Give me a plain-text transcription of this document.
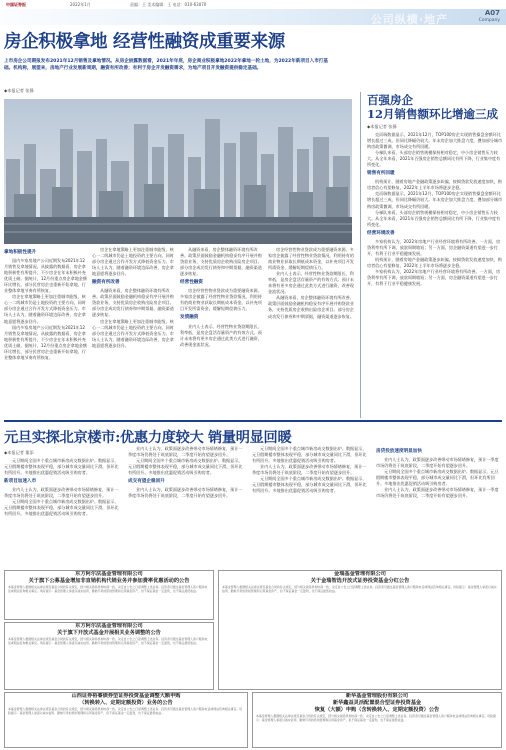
中国证券报	2022年1月	责编：王 美术编辑：王 电话：010-63070
公司纵横·地产	A07
Company
房企积极拿地 经营性融资成重要来源
上市房企公司期报发布2021年12月销售及拿地情况。从房企披露数据看，2021年年底，房企商业积极拿地2022年拿地一轮土地，为2022年新项目入市打基础。机构称，展望来，房地产行业发展新周期，融资有所改善；有利于房企开发融资需求，为地产项目开发融资提供稳定基础。
◆本报记者 张静
百强房企
12月销售额环比增逾三成
◆本报记者 张静
克而瑞数据显示，2021年12月，TOP100房企实现销售操盘金额环比增长超过三成，但同比降幅仍较大。年末房企加大推盘力度，叠加部分城市购房政策微调，市场成交有所回暖。
分梯队来看，头部房企销售规模保持相对稳定，中小房企销售压力较大。从全年来看，2021年百强房企销售总额同比有所下降，行业集中度有所变化。
销售有所回暖
机构预计，随着房地产金融政策逐步纠偏，按揭贷款发放速度加快，购房者信心有望修复，2022年上半年市场将逐步企稳。
克而瑞数据显示，2021年12月，TOP100房企实现销售操盘金额环比增长超过三成，但同比降幅仍较大。年末房企加大推盘力度，叠加部分城市购房政策微调，市场成交有所回暖。
分梯队来看，头部房企销售规模保持相对稳定，中小房企销售压力较大。从全年来看，2021年百强房企销售总额同比有所下降，行业集中度有所变化。
经营环境改善
多家机构认为，2022年房地产行业经营环境将有所改善。一方面，房贷利率有所下调，放款周期缩短；另一方面，房企融资渠道有望进一步打开，有利于行业平稳健康发展。
机构预计，随着房地产金融政策逐步纠偏，按揭贷款发放速度加快，购房者信心有望修复，2022年上半年市场将逐步企稳。
多家机构认为，2022年房地产行业经营环境将有所改善。一方面，房贷利率有所下调，放款周期缩短；另一方面，房企融资渠道有望进一步打开，有利于行业平稳健康发展。
拿地积极性提升
国内多家房地产公司近期发布2021年12月销售及拿地情况。从披露的数据看，房企拿地积极性有所提升，不少房企在年末积极补充优质土储。据统计，12月份重点房企拿地金额环比增长，部分民营房企也重新开始拿地，行业整体拿地节奏有所恢复。
房企在拿地策略上更加注重城市能级，核心一二线城市仍是土地投资的主要方向，同时部分房企通过合作开发方式降低资金压力。市场人士认为，随着融资环境边际改善，房企拿地意愿将逐步回升。
国内多家房地产公司近期发布2021年12月销售及拿地情况。从披露的数据看，房企拿地积极性有所提升，不少房企在年末积极补充优质土储。据统计，12月份重点房企拿地金额环比增长，部分民营房企也重新开始拿地，行业整体拿地节奏有所恢复。
房企在拿地策略上更加注重城市能级，核心一二线城市仍是土地投资的主要方向，同时部分房企通过合作开发方式降低资金压力。市场人士认为，随着融资环境边际改善，房企拿地意愿将逐步回升。
融资有所改善
从融资来看，房企整体融资环境有所改善。政策层面鼓励金融机构稳妥有序开展并购贷款业务，支持优质房企收购出险房企项目。部分房企成功发行债券和中期票据，融资渠道逐步恢复。
房企在拿地策略上更加注重城市能级，核心一二线城市仍是土地投资的主要方向，同时部分房企通过合作开发方式降低资金压力。市场人士认为，随着融资环境边际改善，房企拿地意愿将逐步回升。
从融资来看，房企整体融资环境有所改善。政策层面鼓励金融机构稳妥有序开展并购贷款业务，支持优质房企收购出险房企项目。部分房企成功发行债券和中期票据，融资渠道逐步恢复。
经营性融资
房企经营性物业贷款成为重要融资来源。多家房企披露了经营性物业贷款情况，利用持有的商业物业获取长期低成本资金，以补充项目开发所需资金，缓解短期偿债压力。
发债融资
业内人士表示，经营性物业贷款期限长、利率低，是房企盘活存量资产的有效方式。预计未来将有更多房企通过此类方式进行融资，改善现金流状况。
房企经营性物业贷款成为重要融资来源。多家房企披露了经营性物业贷款情况，利用持有的商业物业获取长期低成本资金，以补充项目开发所需资金，缓解短期偿债压力。
业内人士表示，经营性物业贷款期限长、利率低，是房企盘活存量资产的有效方式。预计未来将有更多房企通过此类方式进行融资，改善现金流状况。
从融资来看，房企整体融资环境有所改善。政策层面鼓励金融机构稳妥有序开展并购贷款业务，支持优质房企收购出险房企项目。部分房企成功发行债券和中期票据，融资渠道逐步恢复。
元旦实探北京楼市:优惠力度较大 销量明显回暖
◆本报记者 董添
元旦期间全国多个重点城市新房成交数据出炉。数据显示，元旦假期楼市整体表现平稳，部分城市成交量同比下滑，但环比有所回升。多地推出优惠促销活动吸引购房者。
新项目加速入市
业内人士认为，政策面逐步改善带动市场情绪修复，预计一季度市场仍将处于筑底阶段，二季度开始有望逐步回升。
元旦期间全国多个重点城市新房成交数据出炉。数据显示，元旦假期楼市整体表现平稳，部分城市成交量同比下滑，但环比有所回升。多地推出优惠促销活动吸引购房者。
业内人士认为，政策面逐步改善带动市场情绪修复，预计一季度市场仍将处于筑底阶段，二季度开始有望逐步回升。
元旦期间全国多个重点城市新房成交数据出炉。数据显示，元旦假期楼市整体表现平稳，部分城市成交量同比下滑，但环比有所回升。多地推出优惠促销活动吸引购房者。
成交有望企稳回升
业内人士认为，政策面逐步改善带动市场情绪修复，预计一季度市场仍将处于筑底阶段，二季度开始有望逐步回升。
元旦期间全国多个重点城市新房成交数据出炉。数据显示，元旦假期楼市整体表现平稳，部分城市成交量同比下滑，但环比有所回升。多地推出优惠促销活动吸引购房者。
业内人士认为，政策面逐步改善带动市场情绪修复，预计一季度市场仍将处于筑底阶段，二季度开始有望逐步回升。
元旦期间全国多个重点城市新房成交数据出炉。数据显示，元旦假期楼市整体表现平稳，部分城市成交量同比下滑，但环比有所回升。多地推出优惠促销活动吸引购房者。
房贷投放速度明显加快
业内人士认为，政策面逐步改善带动市场情绪修复，预计一季度市场仍将处于筑底阶段，二季度开始有望逐步回升。
元旦期间全国多个重点城市新房成交数据出炉。数据显示，元旦假期楼市整体表现平稳，部分城市成交量同比下滑，但环比有所回升。多地推出优惠促销活动吸引购房者。
业内人士认为，政策面逐步改善带动市场情绪修复，预计一季度市场仍将处于筑底阶段，二季度开始有望逐步回升。
东方阿尔法基金管理有限公司
关于旗下公募基金增加非直销机构代销业务并参加费率优惠活动的公告
本基金管理人根据相关法律法规及基金合同的有关规定，经与相关销售机构协商一致，决定自公告之日起调整上述业务。投资者可通过基金管理人客户服务电话或网站咨询相关事宜。风险提示：基金管理人承诺以诚实信用、勤勉尽责的原则管理和运用基金资产，但不保证基金一定盈利，也不保证最低收益。
东方阿尔法基金管理有限公司
关于旗下开放式基金开展相关业务调整的公告
本基金管理人根据相关法律法规及基金合同的有关规定，经与相关销售机构协商一致，决定自公告之日起调整上述业务。投资者可通过基金管理人客户服务电话或网站咨询相关事宜。风险提示：基金管理人承诺以诚实信用、勤勉尽责的原则管理和运用基金资产，但不保证基金一定盈利，也不保证最低收益。
金瑞基金管理有限公司
关于金瑞智选开放式证券投资基金分红公告
本基金管理人根据相关法律法规及基金合同的有关规定，经与相关销售机构协商一致，决定自公告之日起调整上述业务。投资者可通过基金管理人客户服务电话或网站咨询相关事宜。风险提示：基金管理人承诺以诚实信用、勤勉尽责的原则管理和运用基金资产，但不保证基金一定盈利，也不保证最低收益。
山西证券裕睿债券型证券投资基金调整大额申购
（转换转入、定期定额投资）业务的公告
本基金管理人根据相关法律法规及基金合同的有关规定，经与相关销售机构协商一致，决定自公告之日起调整上述业务。投资者可通过基金管理人客户服务电话或网站咨询相关事宜。风险提示：基金管理人承诺以诚实信用、勤勉尽责的原则管理和运用基金资产，但不保证基金一定盈利，也不保证最低收益。
新华基金管理股份有限公司
新华鑫益灵活配置混合型证券投资基金
恢复（大额）申购（含转换转入、定期定额投资）公告
本基金管理人根据相关法律法规及基金合同的有关规定，经与相关销售机构协商一致，决定自公告之日起调整上述业务。投资者可通过基金管理人客户服务电话或网站咨询相关事宜。风险提示：基金管理人承诺以诚实信用、勤勉尽责的原则管理和运用基金资产，但不保证基金一定盈利，也不保证最低收益。
